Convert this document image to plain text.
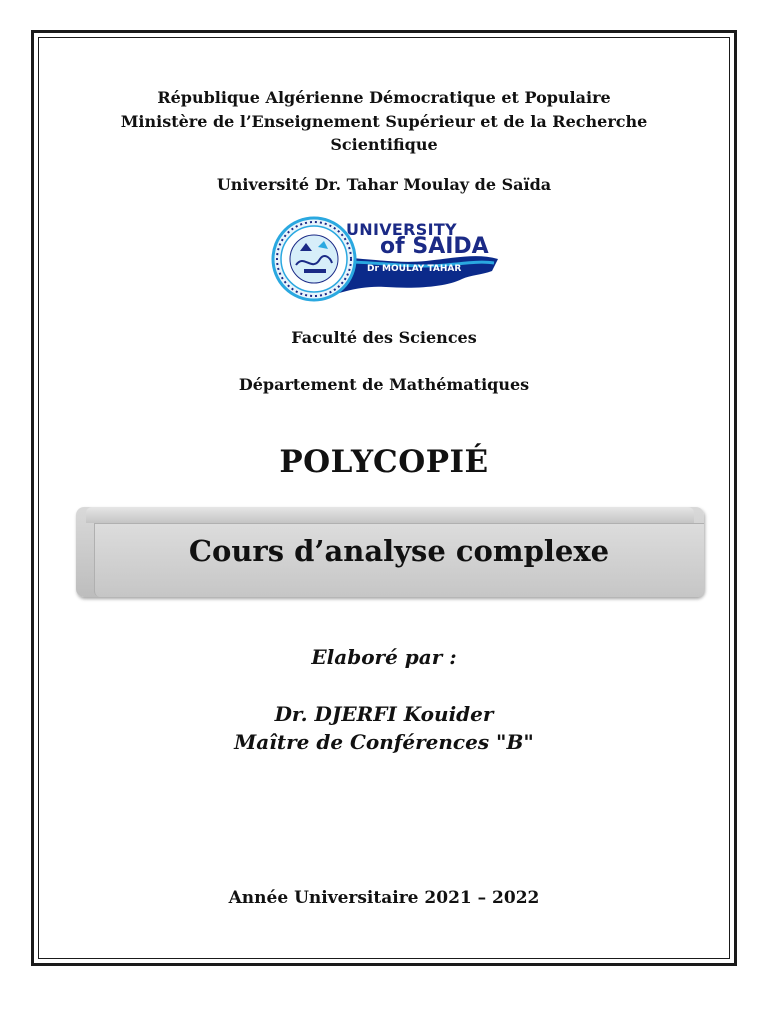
République Algérienne Démocratique et Populaire
Ministère de l’Enseignement Supérieur et de la Recherche
Scientifique
Université Dr. Tahar Moulay de Saïda
UNIVERSITY
of SAIDA
Dr MOULAY TAHAR
Faculté des Sciences
Département de Mathématiques
POLYCOPIÉ
Cours d’analyse complexe
Elaboré par :
Dr. DJERFI Kouider
Maître de Conférences "B"
Année Universitaire 2021 – 2022
